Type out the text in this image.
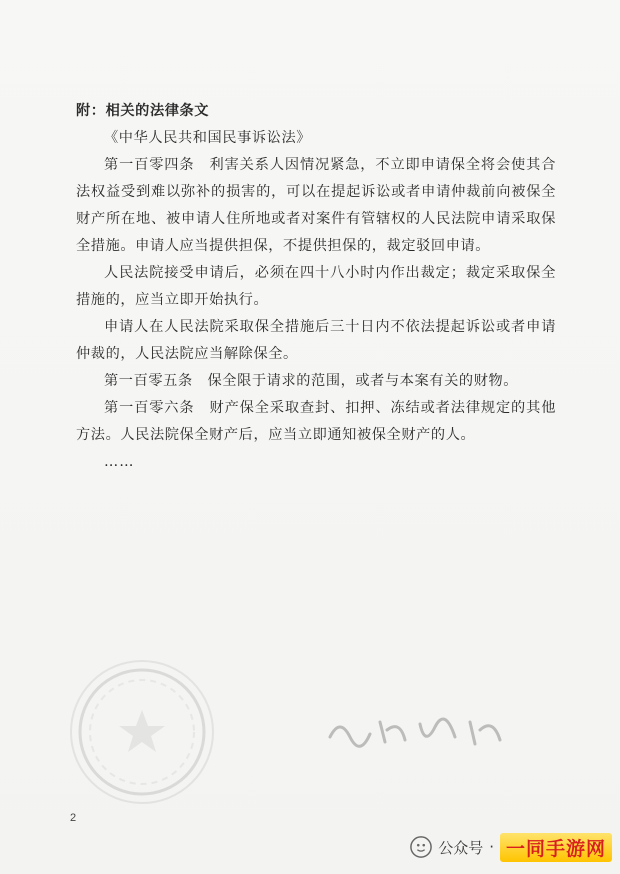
附：相关的法律条文

《中华人民共和国民事诉讼法》

第一百零四条　利害关系人因情况紧急，不立即申请保全将会使其合法权益受到难以弥补的损害的，可以在提起诉讼或者申请仲裁前向被保全财产所在地、被申请人住所地或者对案件有管辖权的人民法院申请采取保全措施。申请人应当提供担保，不提供担保的，裁定驳回申请。

人民法院接受申请后，必须在四十八小时内作出裁定；裁定采取保全措施的，应当立即开始执行。

申请人在人民法院采取保全措施后三十日内不依法提起诉讼或者申请仲裁的，人民法院应当解除保全。

第一百零五条　保全限于请求的范围，或者与本案有关的财物。

第一百零六条　财产保全采取查封、扣押、冻结或者法律规定的其他方法。人民法院保全财产后，应当立即通知被保全财产的人。

……

2
公众号 · 一同手游网
